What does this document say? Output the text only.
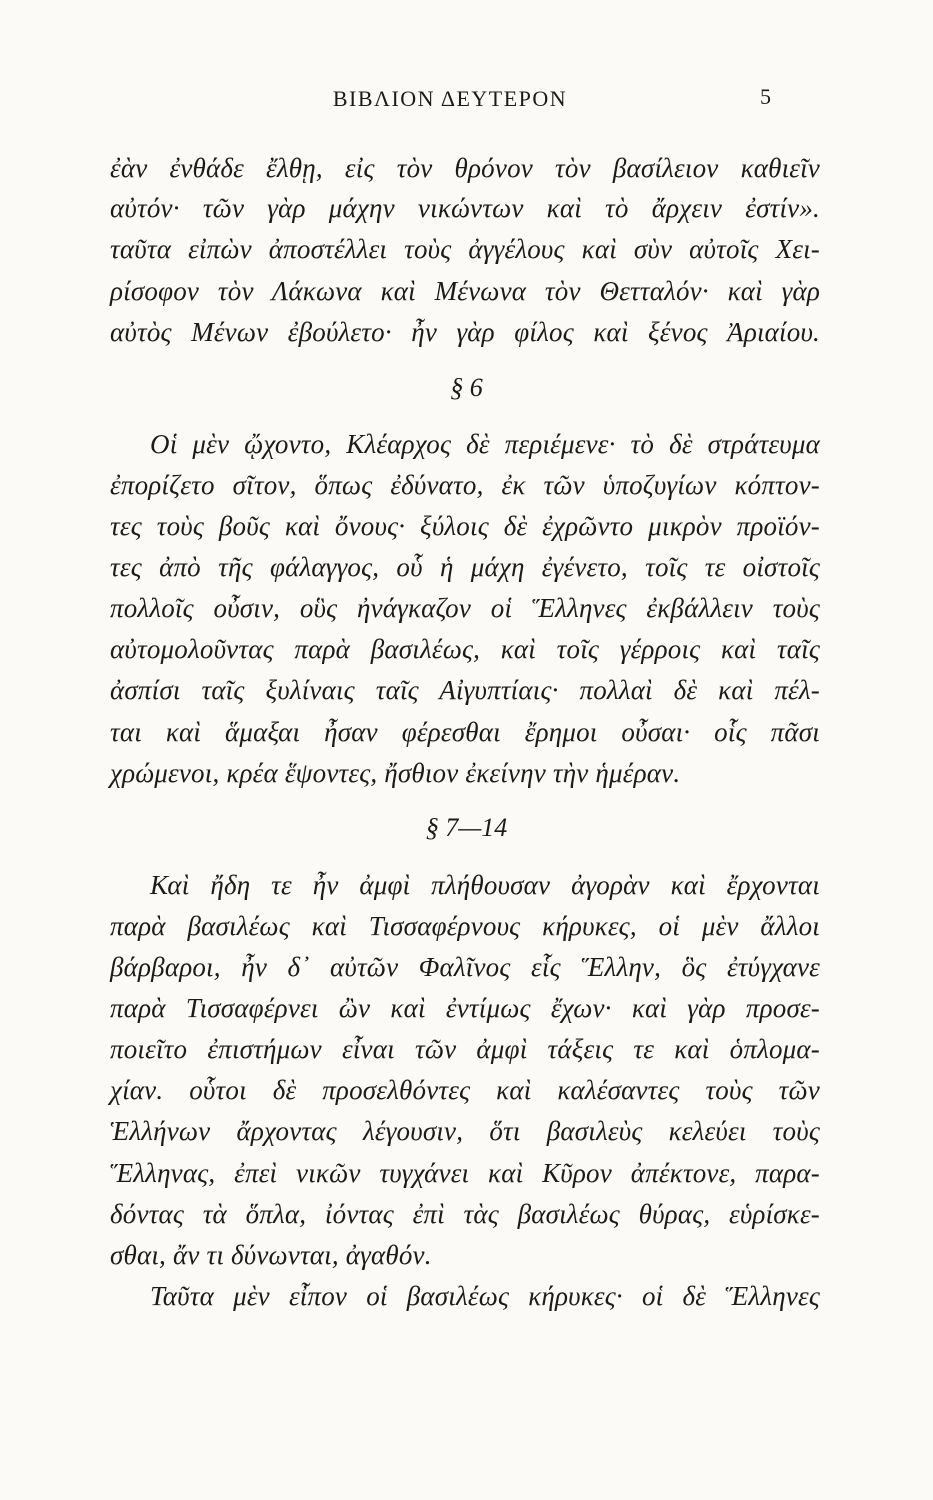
ΒΙΒΛΙΟΝ ΔΕΥΤΕΡΟΝ	5
ἐὰν ἐνθάδε ἔλθῃ, εἰς τὸν θρόνον τὸν βασίλειον καθιεῖν
αὐτόν· τῶν γὰρ μάχην νικώντων καὶ τὸ ἄρχειν ἐστίν».
ταῦτα εἰπὼν ἀποστέλλει τοὺς ἀγγέλους καὶ σὺν αὐτοῖς Χει-
ρίσοφον τὸν Λάκωνα καὶ Μένωνα τὸν Θετταλόν· καὶ γὰρ
αὐτὸς Μένων ἐβούλετο· ἦν γὰρ φίλος καὶ ξένος Ἀριαίου.
§ 6
Οἱ μὲν ᾤχοντο, Κλέαρχος δὲ περιέμενε· τὸ δὲ στράτευμα
ἐπορίζετο σῖτον, ὅπως ἐδύνατο, ἐκ τῶν ὑποζυγίων κόπτον-
τες τοὺς βοῦς καὶ ὄνους· ξύλοις δὲ ἐχρῶντο μικρὸν προϊόν-
τες ἀπὸ τῆς φάλαγγος, οὗ ἡ μάχη ἐγένετο, τοῖς τε οἰστοῖς
πολλοῖς οὖσιν, οὓς ἠνάγκαζον οἱ Ἕλληνες ἐκβάλλειν τοὺς
αὐτομολοῦντας παρὰ βασιλέως, καὶ τοῖς γέρροις καὶ ταῖς
ἀσπίσι ταῖς ξυλίναις ταῖς Αἰγυπτίαις· πολλαὶ δὲ καὶ πέλ-
ται καὶ ἅμαξαι ἦσαν φέρεσθαι ἔρημοι οὖσαι· οἷς πᾶσι
χρώμενοι, κρέα ἕψοντες, ἤσθιον ἐκείνην τὴν ἡμέραν.
§ 7—14
Καὶ ἤδη τε ἦν ἀμφὶ πλήθουσαν ἀγορὰν καὶ ἔρχονται
παρὰ βασιλέως καὶ Τισσαφέρνους κήρυκες, οἱ μὲν ἄλλοι
βάρβαροι, ἦν δ᾽ αὐτῶν Φαλῖνος εἷς Ἕλλην, ὃς ἐτύγχανε
παρὰ Τισσαφέρνει ὢν καὶ ἐντίμως ἔχων· καὶ γὰρ προσε-
ποιεῖτο ἐπιστήμων εἶναι τῶν ἀμφὶ τάξεις τε καὶ ὁπλομα-
χίαν. οὗτοι δὲ προσελθόντες καὶ καλέσαντες τοὺς τῶν
Ἑλλήνων ἄρχοντας λέγουσιν, ὅτι βασιλεὺς κελεύει τοὺς
Ἕλληνας, ἐπεὶ νικῶν τυγχάνει καὶ Κῦρον ἀπέκτονε, παρα-
δόντας τὰ ὅπλα, ἰόντας ἐπὶ τὰς βασιλέως θύρας, εὑρίσκε-
σθαι, ἄν τι δύνωνται, ἀγαθόν.
Ταῦτα μὲν εἶπον οἱ βασιλέως κήρυκες· οἱ δὲ Ἕλληνες
